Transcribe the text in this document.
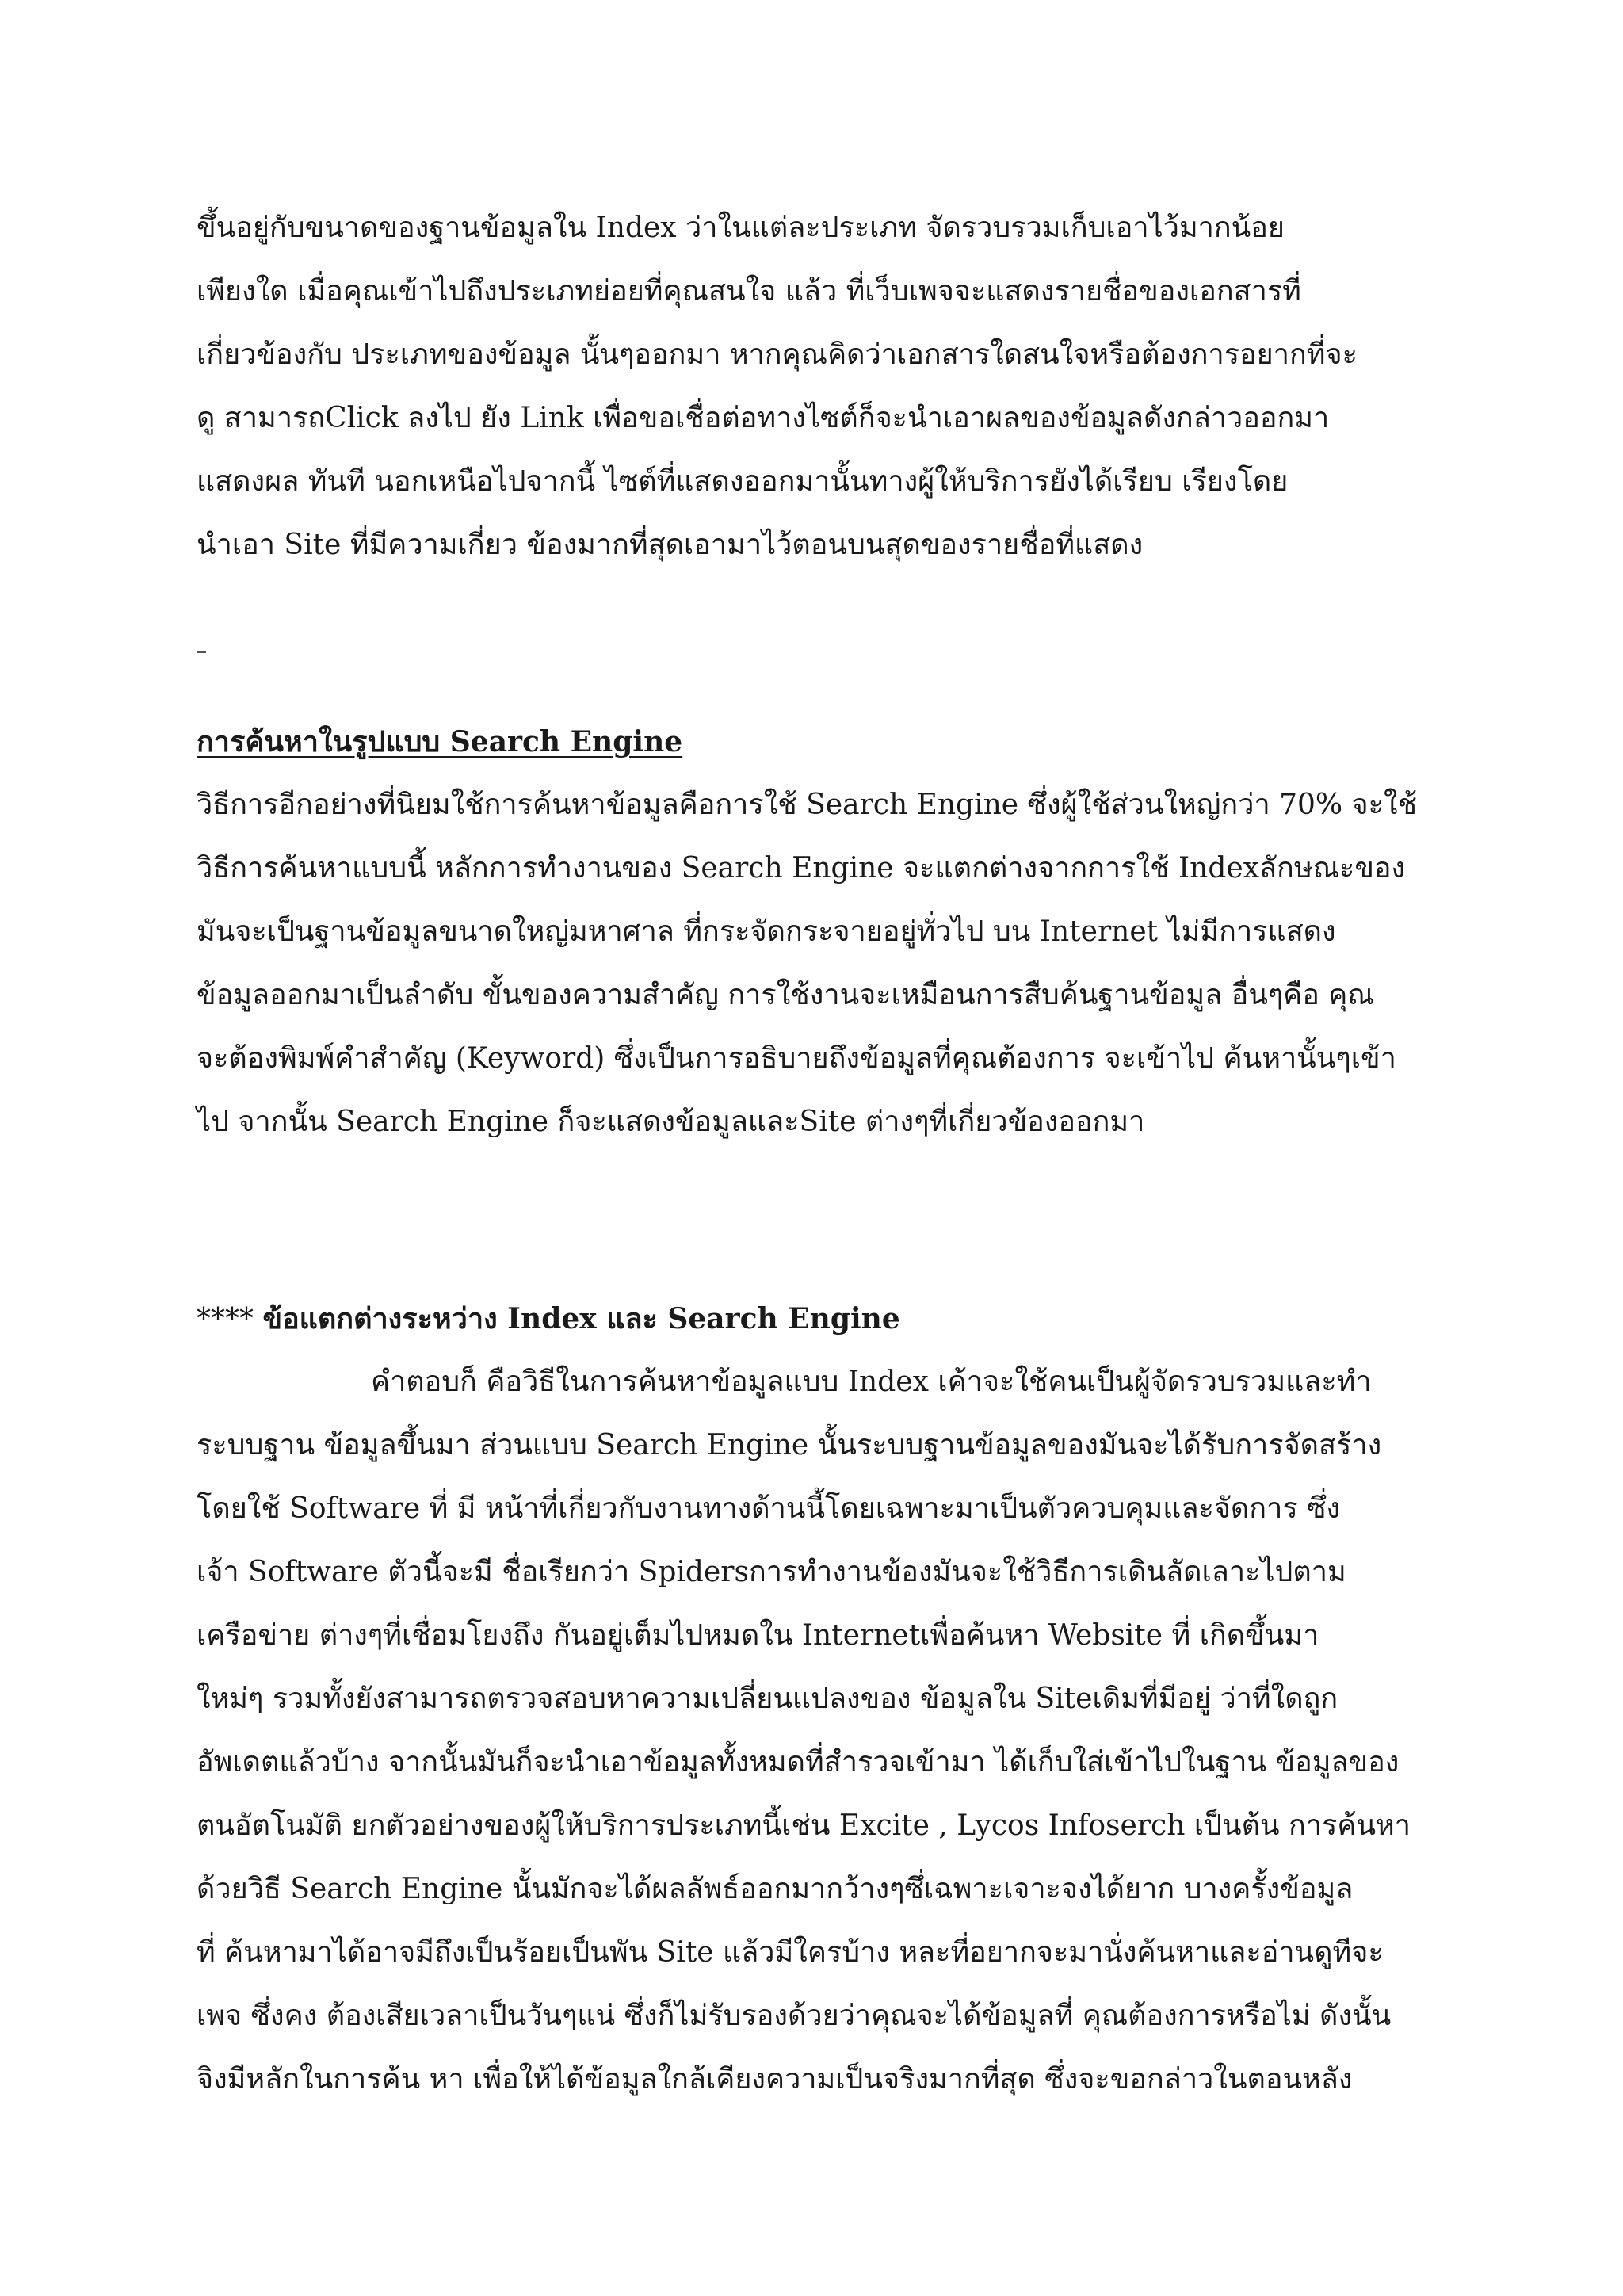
ขึ้นอยู่กับขนาดของฐานข้อมูลใน Index ว่าในแต่ละประเภท จัดรวบรวมเก็บเอาไว้มากน้อย
เพียงใด เมื่อคุณเข้าไปถึงประเภทย่อยที่คุณสนใจ แล้ว ที่เว็บเพจจะแสดงรายชื่อของเอกสารที่
เกี่ยวข้องกับ ประเภทของข้อมูล นั้นๆออกมา หากคุณคิดว่าเอกสารใดสนใจหรือต้องการอยากที่จะ
ดู สามารถClick ลงไป ยัง Link เพื่อขอเชื่อต่อทางไซต์ก็จะนำเอาผลของข้อมูลดังกล่าวออกมา
แสดงผล ทันที นอกเหนือไปจากนี้ ไซต์ที่แสดงออกมานั้นทางผู้ให้บริการยังได้เรียบ เรียงโดย
นำเอา Site ที่มีความเกี่ยว ข้องมากที่สุดเอามาไว้ตอนบนสุดของรายชื่อที่แสดง
การค้นหาในรูปแบบ Search Engine
วิธีการอีกอย่างที่นิยมใช้การค้นหาข้อมูลคือการใช้ Search Engine ซึ่งผู้ใช้ส่วนใหญ่กว่า 70% จะใช้
วิธีการค้นหาแบบนี้ หลักการทำงานของ Search Engine จะแตกต่างจากการใช้ Indexลักษณะของ
มันจะเป็นฐานข้อมูลขนาดใหญ่มหาศาล ที่กระจัดกระจายอยู่ทั่วไป บน Internet ไม่มีการแสดง
ข้อมูลออกมาเป็นลำดับ ขั้นของความสำคัญ การใช้งานจะเหมือนการสืบค้นฐานข้อมูล อื่นๆคือ คุณ
จะต้องพิมพ์คำสำคัญ (Keyword) ซึ่งเป็นการอธิบายถึงข้อมูลที่คุณต้องการ จะเข้าไป ค้นหานั้นๆเข้า
ไป จากนั้น Search Engine ก็จะแสดงข้อมูลและSite ต่างๆที่เกี่ยวข้องออกมา
**** ข้อแตกต่างระหว่าง Index และ Search Engine
คำตอบก็ คือวิธีในการค้นหาข้อมูลแบบ Index เค้าจะใช้คนเป็นผู้จัดรวบรวมและทำ
ระบบฐาน ข้อมูลขึ้นมา ส่วนแบบ Search Engine นั้นระบบฐานข้อมูลของมันจะได้รับการจัดสร้าง
โดยใช้ Software ที่ มี หน้าที่เกี่ยวกับงานทางด้านนี้โดยเฉพาะมาเป็นตัวควบคุมและจัดการ ซึ่ง
เจ้า Software ตัวนี้จะมี ชื่อเรียกว่า Spidersการทำงานข้องมันจะใช้วิธีการเดินลัดเลาะไปตาม
เครือข่าย ต่างๆที่เชื่อมโยงถึง กันอยู่เต็มไปหมดใน Internetเพื่อค้นหา Website ที่ เกิดขึ้นมา
ใหม่ๆ รวมทั้งยังสามารถตรวจสอบหาความเปลี่ยนแปลงของ ข้อมูลใน Siteเดิมที่มีอยู่ ว่าที่ใดถูก
อัพเดตแล้วบ้าง จากนั้นมันก็จะนำเอาข้อมูลทั้งหมดที่สำรวจเข้ามา ได้เก็บใส่เข้าไปในฐาน ข้อมูลของ
ตนอัตโนมัติ ยกตัวอย่างของผู้ให้บริการประเภทนี้เช่น Excite , Lycos Infoserch เป็นต้น การค้นหา
ด้วยวิธี Search Engine นั้นมักจะได้ผลลัพธ์ออกมากว้างๆซึ่เฉพาะเจาะจงได้ยาก บางครั้งข้อมูล
ที่ ค้นหามาได้อาจมีถึงเป็นร้อยเป็นพัน Site แล้วมีใครบ้าง หละที่อยากจะมานั่งค้นหาและอ่านดูทีจะ
เพจ ซึ่งคง ต้องเสียเวลาเป็นวันๆแน่ ซึ่งก็ไม่รับรองด้วยว่าคุณจะได้ข้อมูลที่ คุณต้องการหรือไม่ ดังนั้น
จิงมีหลักในการค้น หา เพื่อให้ได้ข้อมูลใกล้เคียงความเป็นจริงมากที่สุด ซึ่งจะขอกล่าวในตอนหลัง
